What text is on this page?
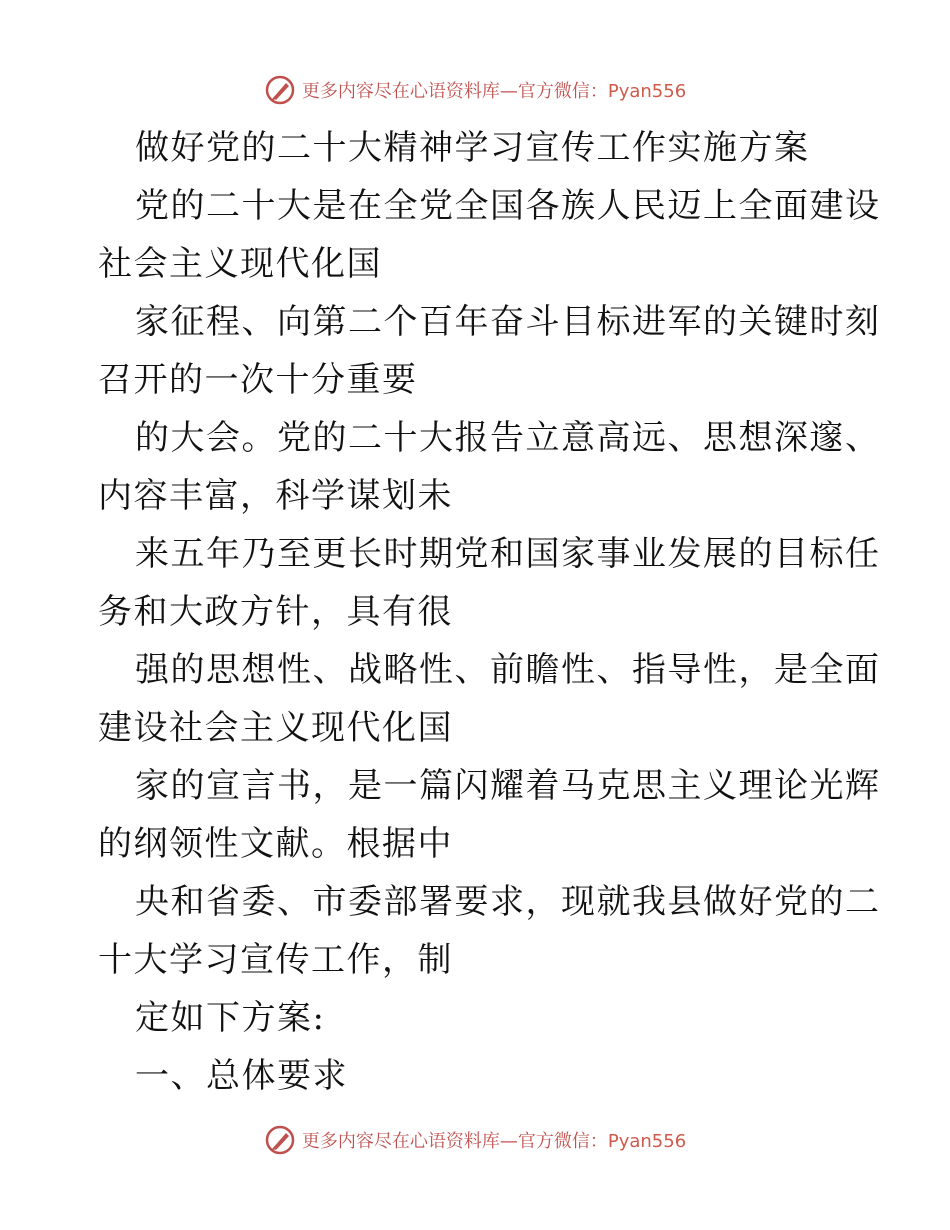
更多内容尽在心语资料库—官方微信：Pyan556

做好党的二十大精神学习宣传工作实施方案

党的二十大是在全党全国各族人民迈上全面建设

社会主义现代化国

家征程、向第二个百年奋斗目标进军的关键时刻

召开的一次十分重要

的大会。党的二十大报告立意高远、思想深邃、

内容丰富，科学谋划未

来五年乃至更长时期党和国家事业发展的目标任

务和大政方针，具有很

强的思想性、战略性、前瞻性、指导性，是全面

建设社会主义现代化国

家的宣言书，是一篇闪耀着马克思主义理论光辉

的纲领性文献。根据中

央和省委、市委部署要求，现就我县做好党的二

十大学习宣传工作，制

定如下方案:

一、总体要求

更多内容尽在心语资料库—官方微信：Pyan556
